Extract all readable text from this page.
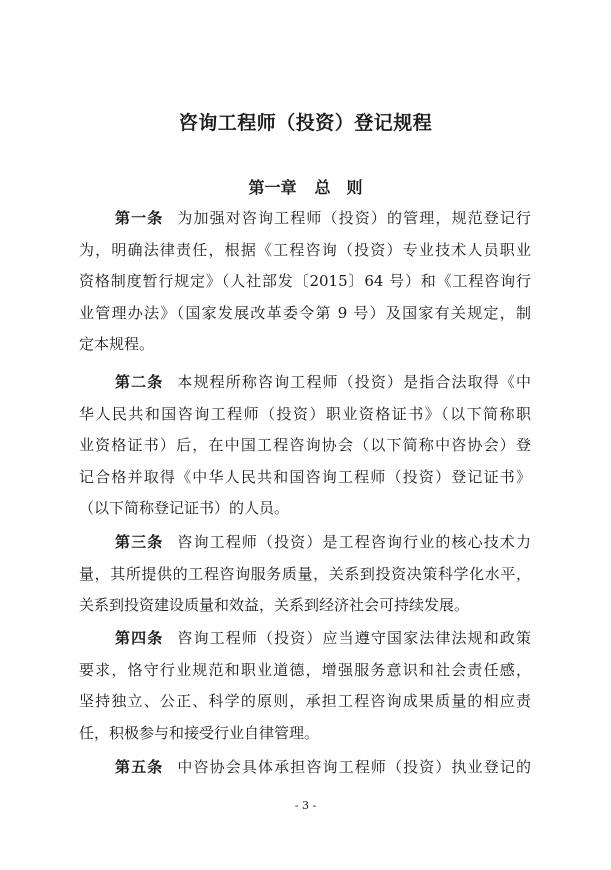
咨询工程师（投资）登记规程
第一章 总　则
第一条 为加强对咨询工程师（投资）的管理，规范登记行
为，明确法律责任，根据《工程咨询（投资）专业技术人员职业
资格制度暂行规定》（人社部发〔2015〕64 号）和《工程咨询行
业管理办法》（国家发展改革委令第 9 号）及国家有关规定，制
定本规程。
第二条 本规程所称咨询工程师（投资）是指合法取得《中
华人民共和国咨询工程师（投资）职业资格证书》（以下简称职
业资格证书）后，在中国工程咨询协会（以下简称中咨协会）登
记合格并取得《中华人民共和国咨询工程师（投资）登记证书》
（以下简称登记证书）的人员。
第三条 咨询工程师（投资）是工程咨询行业的核心技术力
量，其所提供的工程咨询服务质量，关系到投资决策科学化水平，
关系到投资建设质量和效益，关系到经济社会可持续发展。
第四条 咨询工程师（投资）应当遵守国家法律法规和政策
要求，恪守行业规范和职业道德，增强服务意识和社会责任感，
坚持独立、公正、科学的原则，承担工程咨询成果质量的相应责
任，积极参与和接受行业自律管理。
第五条 中咨协会具体承担咨询工程师（投资）执业登记的
- 3 -
